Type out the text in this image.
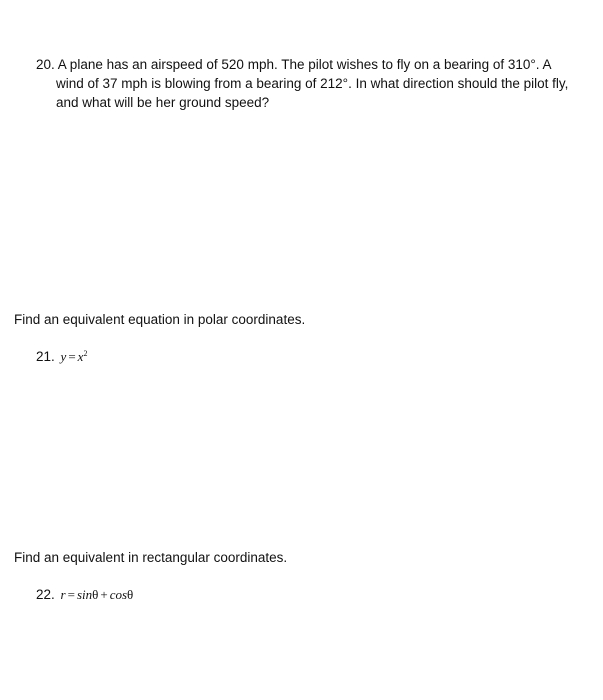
20. A plane has an airspeed of 520 mph. The pilot wishes to fly on a bearing of 310°. A
wind of 37 mph is blowing from a bearing of 212°. In what direction should the pilot fly,
and what will be her ground speed?
Find an equivalent equation in polar coordinates.
21. $y = x^2$
Find an equivalent in rectangular coordinates.
22. r = sinθ + cosθ
